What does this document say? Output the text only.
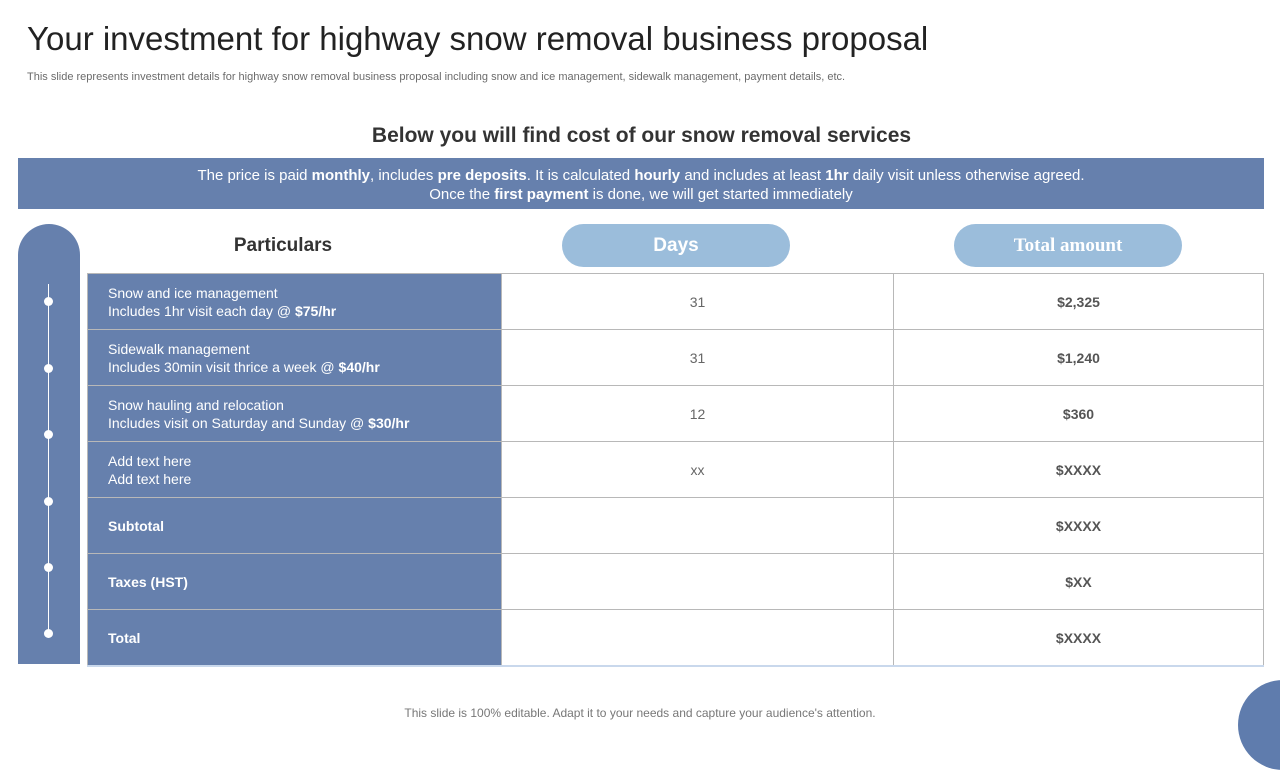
Your investment for highway snow removal business proposal
This slide represents investment details for highway snow removal business proposal including snow and ice management, sidewalk management, payment details, etc.
Below you will find cost of our snow removal services
The price is paid monthly, includes pre deposits. It is calculated hourly and includes at least 1hr daily visit unless otherwise agreed.
Once the first payment is done, we will get started immediately
Particulars	Days	Total amount
Snow and ice management
Includes 1hr visit each day @ $75/hr	31	$2,325

Sidewalk management
Includes 30min visit thrice a week @ $40/hr	31	$1,240

Snow hauling and relocation
Includes visit on Saturday and Sunday @ $30/hr	12	$360

Add text here
Add text here	xx	$XXXX
Subtotal		$XXXX
Taxes (HST)		$XX
Total		$XXXX
This slide is 100% editable. Adapt it to your needs and capture your audience's attention.
